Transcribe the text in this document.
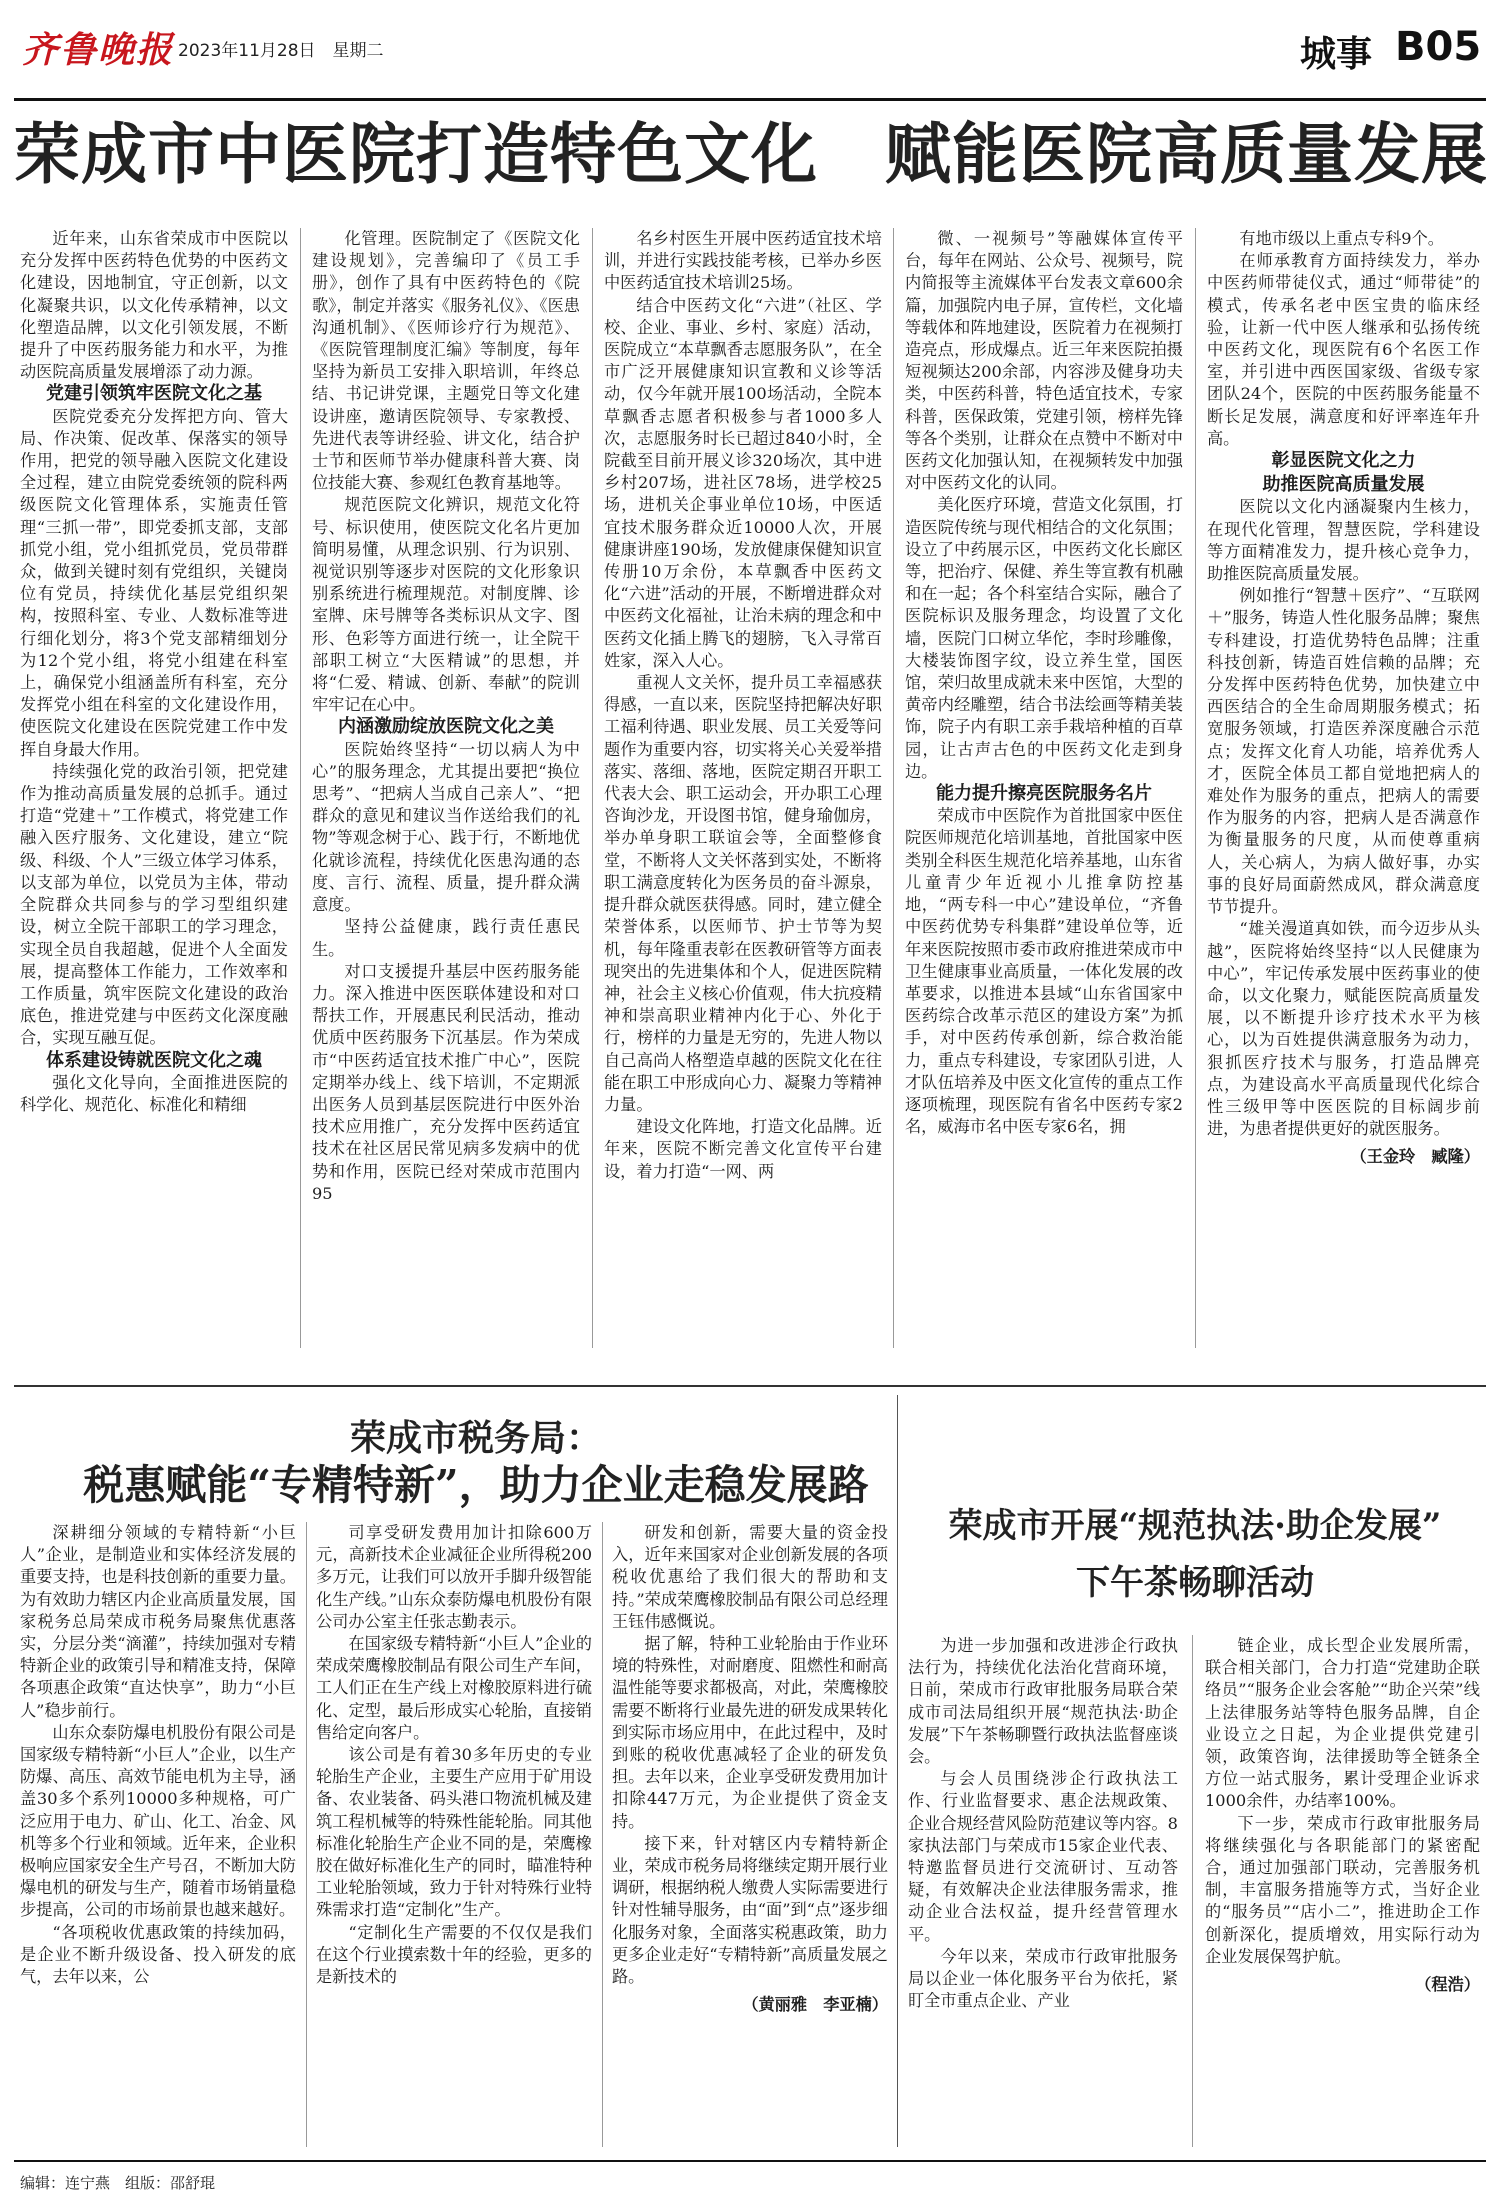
齐鲁晚报 2023年11月28日　星期二	城事 B05
荣成市中医院打造特色文化　赋能医院高质量发展

近年来，山东省荣成市中医院以充分发挥中医药特色优势的中医药文化建设，因地制宜，守正创新，以文化凝聚共识，以文化传承精神，以文化塑造品牌，以文化引领发展，不断提升了中医药服务能力和水平，为推动医院高质量发展增添了动力源。

党建引领筑牢医院文化之基

医院党委充分发挥把方向、管大局、作决策、促改革、保落实的领导作用，把党的领导融入医院文化建设全过程，建立由院党委统领的院科两级医院文化管理体系，实施责任管理“三抓一带”，即党委抓支部，支部抓党小组，党小组抓党员，党员带群众，做到关键时刻有党组织，关键岗位有党员，持续优化基层党组织架构，按照科室、专业、人数标准等进行细化划分，将3个党支部精细划分为12个党小组，将党小组建在科室上，确保党小组涵盖所有科室，充分发挥党小组在科室的文化建设作用，使医院文化建设在医院党建工作中发挥自身最大作用。

持续强化党的政治引领，把党建作为推动高质量发展的总抓手。通过打造“党建＋”工作模式，将党建工作融入医疗服务、文化建设，建立“院级、科级、个人”三级立体学习体系，以支部为单位，以党员为主体，带动全院群众共同参与的学习型组织建设，树立全院干部职工的学习理念，实现全员自我超越，促进个人全面发展，提高整体工作能力，工作效率和工作质量，筑牢医院文化建设的政治底色，推进党建与中医药文化深度融合，实现互融互促。

体系建设铸就医院文化之魂

强化文化导向，全面推进医院的科学化、规范化、标准化和精细

化管理。医院制定了《医院文化建设规划》，完善编印了《员工手册》，创作了具有中医药特色的《院歌》，制定并落实《服务礼仪》、《医患沟通机制》、《医师诊疗行为规范》、《医院管理制度汇编》等制度，每年坚持为新员工安排入职培训，年终总结、书记讲党课，主题党日等文化建设讲座，邀请医院领导、专家教授、先进代表等讲经验、讲文化，结合护士节和医师节举办健康科普大赛、岗位技能大赛、参观红色教育基地等。

规范医院文化辨识，规范文化符号、标识使用，使医院文化名片更加简明易懂，从理念识别、行为识别、视觉识别等逐步对医院的文化形象识别系统进行梳理规范。对制度牌、诊室牌、床号牌等各类标识从文字、图形、色彩等方面进行统一，让全院干部职工树立“大医精诚”的思想，并将“仁爱、精诚、创新、奉献”的院训牢牢记在心中。

内涵激励绽放医院文化之美

医院始终坚持“一切以病人为中心”的服务理念，尤其提出要把“换位思考”、“把病人当成自己亲人”、“把群众的意见和建议当作送给我们的礼物”等观念树于心、践于行，不断地优化就诊流程，持续优化医患沟通的态度、言行、流程、质量，提升群众满意度。

坚持公益健康，践行责任惠民生。

对口支援提升基层中医药服务能力。深入推进中医医联体建设和对口帮扶工作，开展惠民利民活动，推动优质中医药服务下沉基层。作为荣成市“中医药适宜技术推广中心”，医院定期举办线上、线下培训，不定期派出医务人员到基层医院进行中医外治技术应用推广，充分发挥中医药适宜技术在社区居民常见病多发病中的优势和作用，医院已经对荣成市范围内95

名乡村医生开展中医药适宜技术培训，并进行实践技能考核，已举办乡医中医药适宜技术培训25场。

结合中医药文化“六进”（社区、学校、企业、事业、乡村、家庭）活动，医院成立“本草飘香志愿服务队”，在全市广泛开展健康知识宣教和义诊等活动，仅今年就开展100场活动，全院本草飘香志愿者积极参与者1000多人次，志愿服务时长已超过840小时，全院截至目前开展义诊320场次，其中进乡村207场，进社区78场，进学校25场，进机关企事业单位10场，中医适宜技术服务群众近10000人次，开展健康讲座190场，发放健康保健知识宣传册10万余份，本草飘香中医药文化“六进”活动的开展，不断增进群众对中医药文化福祉，让治未病的理念和中医药文化插上腾飞的翅膀，飞入寻常百姓家，深入人心。

重视人文关怀，提升员工幸福感获得感，一直以来，医院坚持把解决好职工福利待遇、职业发展、员工关爱等问题作为重要内容，切实将关心关爱举措落实、落细、落地，医院定期召开职工代表大会、职工运动会，开办职工心理咨询沙龙，开设图书馆，健身瑜伽房，举办单身职工联谊会等，全面整修食堂，不断将人文关怀落到实处，不断将职工满意度转化为医务员的奋斗源泉，提升群众就医获得感。同时，建立健全荣誉体系，以医师节、护士节等为契机，每年隆重表彰在医教研管等方面表现突出的先进集体和个人，促进医院精神，社会主义核心价值观，伟大抗疫精神和崇高职业精神内化于心、外化于行，榜样的力量是无穷的，先进人物以自己高尚人格塑造卓越的医院文化在往能在职工中形成向心力、凝聚力等精神力量。

建设文化阵地，打造文化品牌。近年来，医院不断完善文化宣传平台建设，着力打造“一网、两

微、一视频号”等融媒体宣传平台，每年在网站、公众号、视频号，院内简报等主流媒体平台发表文章600余篇，加强院内电子屏，宣传栏，文化墙等载体和阵地建设，医院着力在视频打造亮点，形成爆点。近三年来医院拍摄短视频达200余部，内容涉及健身功夫类，中医药科普，特色适宜技术，专家科普，医保政策，党建引领，榜样先锋等各个类别，让群众在点赞中不断对中医药文化加强认知，在视频转发中加强对中医药文化的认同。

美化医疗环境，营造文化氛围，打造医院传统与现代相结合的文化氛围；设立了中药展示区，中医药文化长廊区等，把治疗、保健、养生等宣教有机融和在一起；各个科室结合实际，融合了医院标识及服务理念，均设置了文化墙，医院门口树立华佗，李时珍雕像，大楼装饰图字纹，设立养生堂，国医馆，荣归故里成就未来中医馆，大型的黄帝内经雕塑，结合书法绘画等精美装饰，院子内有职工亲手栽培种植的百草园，让古声古色的中医药文化走到身边。

能力提升擦亮医院服务名片

荣成市中医院作为首批国家中医住院医师规范化培训基地，首批国家中医类别全科医生规范化培养基地，山东省儿童青少年近视小儿推拿防控基地，“两专科一中心”建设单位，“齐鲁中医药优势专科集群”建设单位等，近年来医院按照市委市政府推进荣成市中卫生健康事业高质量，一体化发展的改革要求，以推进本县域“山东省国家中医药综合改革示范区的建设方案”为抓手，对中医药传承创新，综合救治能力，重点专科建设，专家团队引进，人才队伍培养及中医文化宣传的重点工作逐项梳理，现医院有省名中医药专家2名，威海市名中医专家6名，拥

有地市级以上重点专科9个。

在师承教育方面持续发力，举办中医药师带徒仪式，通过“师带徒”的模式，传承名老中医宝贵的临床经验，让新一代中医人继承和弘扬传统中医药文化，现医院有6个名医工作室，并引进中西医国家级、省级专家团队24个，医院的中医药服务能量不断长足发展，满意度和好评率连年升高。

彰显医院文化之力

助推医院高质量发展

医院以文化内涵凝聚内生核力，在现代化管理，智慧医院，学科建设等方面精准发力，提升核心竞争力，助推医院高质量发展。

例如推行“智慧＋医疗”、“互联网＋”服务，铸造人性化服务品牌；聚焦专科建设，打造优势特色品牌；注重科技创新，铸造百姓信赖的品牌；充分发挥中医药特色优势，加快建立中西医结合的全生命周期服务模式；拓宽服务领域，打造医养深度融合示范点；发挥文化育人功能，培养优秀人才，医院全体员工都自觉地把病人的难处作为服务的重点，把病人的需要作为服务的内容，把病人是否满意作为衡量服务的尺度，从而使尊重病人，关心病人，为病人做好事，办实事的良好局面蔚然成风，群众满意度节节提升。

“雄关漫道真如铁，而今迈步从头越”，医院将始终坚持“以人民健康为中心”，牢记传承发展中医药事业的使命，以文化聚力，赋能医院高质量发展，以不断提升诊疗技术水平为核心，以为百姓提供满意服务为动力，狠抓医疗技术与服务，打造品牌亮点，为建设高水平高质量现代化综合性三级甲等中医医院的目标阔步前进，为患者提供更好的就医服务。

（王金玲　臧隆）
荣成市税务局：
税惠赋能“专精特新”，助力企业走稳发展路

深耕细分领域的专精特新“小巨人”企业，是制造业和实体经济发展的重要支持，也是科技创新的重要力量。为有效助力辖区内企业高质量发展，国家税务总局荣成市税务局聚焦优惠落实，分层分类“滴灌”，持续加强对专精特新企业的政策引导和精准支持，保障各项惠企政策“直达快享”，助力“小巨人”稳步前行。

山东众泰防爆电机股份有限公司是国家级专精特新“小巨人”企业，以生产防爆、高压、高效节能电机为主导，涵盖30多个系列10000多种规格，可广泛应用于电力、矿山、化工、冶金、风机等多个行业和领域。近年来，企业积极响应国家安全生产号召，不断加大防爆电机的研发与生产，随着市场销量稳步提高，公司的市场前景也越来越好。

“各项税收优惠政策的持续加码，是企业不断升级设备、投入研发的底气，去年以来，公

司享受研发费用加计扣除600万元，高新技术企业减征企业所得税200多万元，让我们可以放开手脚升级智能化生产线。”山东众泰防爆电机股份有限公司办公室主任张志勤表示。

在国家级专精特新“小巨人”企业的荣成荣鹰橡胶制品有限公司生产车间，工人们正在生产线上对橡胶原料进行硫化、定型，最后形成实心轮胎，直接销售给定向客户。

该公司是有着30多年历史的专业轮胎生产企业，主要生产应用于矿用设备、农业装备、码头港口物流机械及建筑工程机械等的特殊性能轮胎。同其他标准化轮胎生产企业不同的是，荣鹰橡胶在做好标准化生产的同时，瞄准特种工业轮胎领域，致力于针对特殊行业特殊需求打造“定制化”生产。

“定制化生产需要的不仅仅是我们在这个行业摸索数十年的经验，更多的是新技术的

研发和创新，需要大量的资金投入，近年来国家对企业创新发展的各项税收优惠给了我们很大的帮助和支持。”荣成荣鹰橡胶制品有限公司总经理王钰伟感慨说。

据了解，特种工业轮胎由于作业环境的特殊性，对耐磨度、阻燃性和耐高温性能等要求都极高，对此，荣鹰橡胶需要不断将行业最先进的研发成果转化到实际市场应用中，在此过程中，及时到账的税收优惠减轻了企业的研发负担。去年以来，企业享受研发费用加计扣除447万元，为企业提供了资金支持。

接下来，针对辖区内专精特新企业，荣成市税务局将继续定期开展行业调研，根据纳税人缴费人实际需要进行针对性辅导服务，由“面”到“点”逐步细化服务对象，全面落实税惠政策，助力更多企业走好“专精特新”高质量发展之路。

（黄丽雅　李亚楠）
荣成市开展“规范执法·助企发展”
下午茶畅聊活动

为进一步加强和改进涉企行政执法行为，持续优化法治化营商环境，日前，荣成市行政审批服务局联合荣成市司法局组织开展“规范执法·助企发展”下午茶畅聊暨行政执法监督座谈会。

与会人员围绕涉企行政执法工作、行业监督要求、惠企法规政策、企业合规经营风险防范建议等内容。8家执法部门与荣成市15家企业代表、特邀监督员进行交流研讨、互动答疑，有效解决企业法律服务需求，推动企业合法权益，提升经营管理水平。

今年以来，荣成市行政审批服务局以企业一体化服务平台为依托，紧盯全市重点企业、产业

链企业，成长型企业发展所需，联合相关部门，合力打造“党建助企联络员”“服务企业会客舱”“助企兴荣”线上法律服务站等特色服务品牌，自企业设立之日起，为企业提供党建引领，政策咨询，法律援助等全链条全方位一站式服务，累计受理企业诉求1000余件，办结率100%。

下一步，荣成市行政审批服务局将继续强化与各职能部门的紧密配合，通过加强部门联动，完善服务机制，丰富服务措施等方式，当好企业的“服务员”“店小二”，推进助企工作创新深化，提质增效，用实际行动为企业发展保驾护航。

（程浩）
编辑：连宁燕　组版：邵舒琨
